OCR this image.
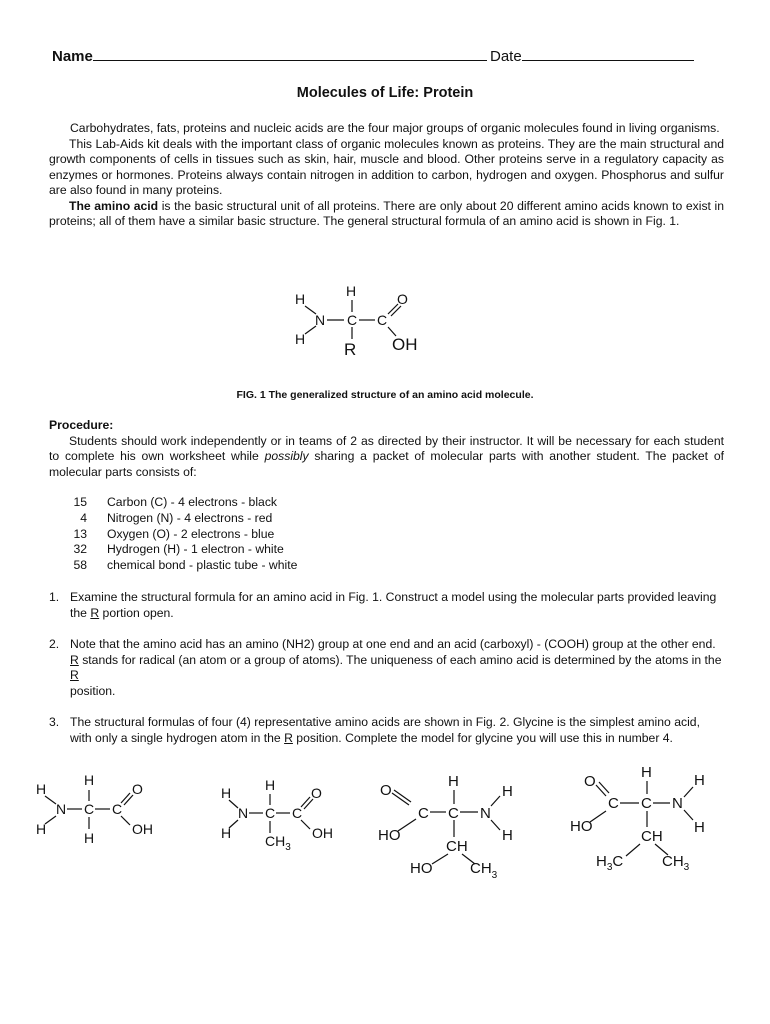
Name	Date
Molecules of Life: Protein
Carbohydrates, fats, proteins and nucleic acids are the four major groups of organic molecules found in living organisms.
This Lab-Aids kit deals with the important class of organic molecules known as proteins. They are the main structural and growth components of cells in tissues such as skin, hair, muscle and blood. Other proteins serve in a regulatory capacity as enzymes or hormones. Proteins always contain nitrogen in addition to carbon, hydrogen and oxygen. Phosphorus and sulfur are also found in many proteins.
The amino acid is the basic structural unit of all proteins. There are only about 20 different amino acids known to exist in proteins; all of them have a similar basic structure. The general structural formula of an amino acid is shown in Fig. 1.
H
H
N
H
C C
O
R OH
FIG. 1 The generalized structure of an amino acid molecule.
Procedure:
Students should work independently or in teams of 2 as directed by their instructor. It will be necessary for each student to complete his own worksheet while possibly sharing a packet of molecular parts with another student. The packet of molecular parts consists of:
15	Carbon (C) - 4 electrons - black
4	Nitrogen (N) - 4 electrons - red
13	Oxygen (O) - 2 electrons - blue
32	Hydrogen (H) - 1 electron - white
58	chemical bond - plastic tube - white
1. Examine the structural formula for an amino acid in Fig. 1. Construct a model using the molecular parts provided leaving the R portion open.
2. Note that the amino acid has an amino (NH2) group at one end and an acid (carboxyl) - (COOH) group at the other end. R stands for radical (an atom or a group of atoms). The uniqueness of each amino acid is determined by the atoms in the R
position.
3. The structural formulas of four (4) representative amino acids are shown in Fig. 2. Glycine is the simplest amino acid, with only a single hydrogen atom in the R position. Complete the model for glycine you will use this in number 4.
H
H
N
H
C C
O
H
OH
H
H
N
H
C C
O
$CH_3$
OH
O
C
H
C N
H
H
HO
CH
HO	$CH_3$
O
H	H
C C N
HO	H
CH
$H_3C$	$CH_3$
